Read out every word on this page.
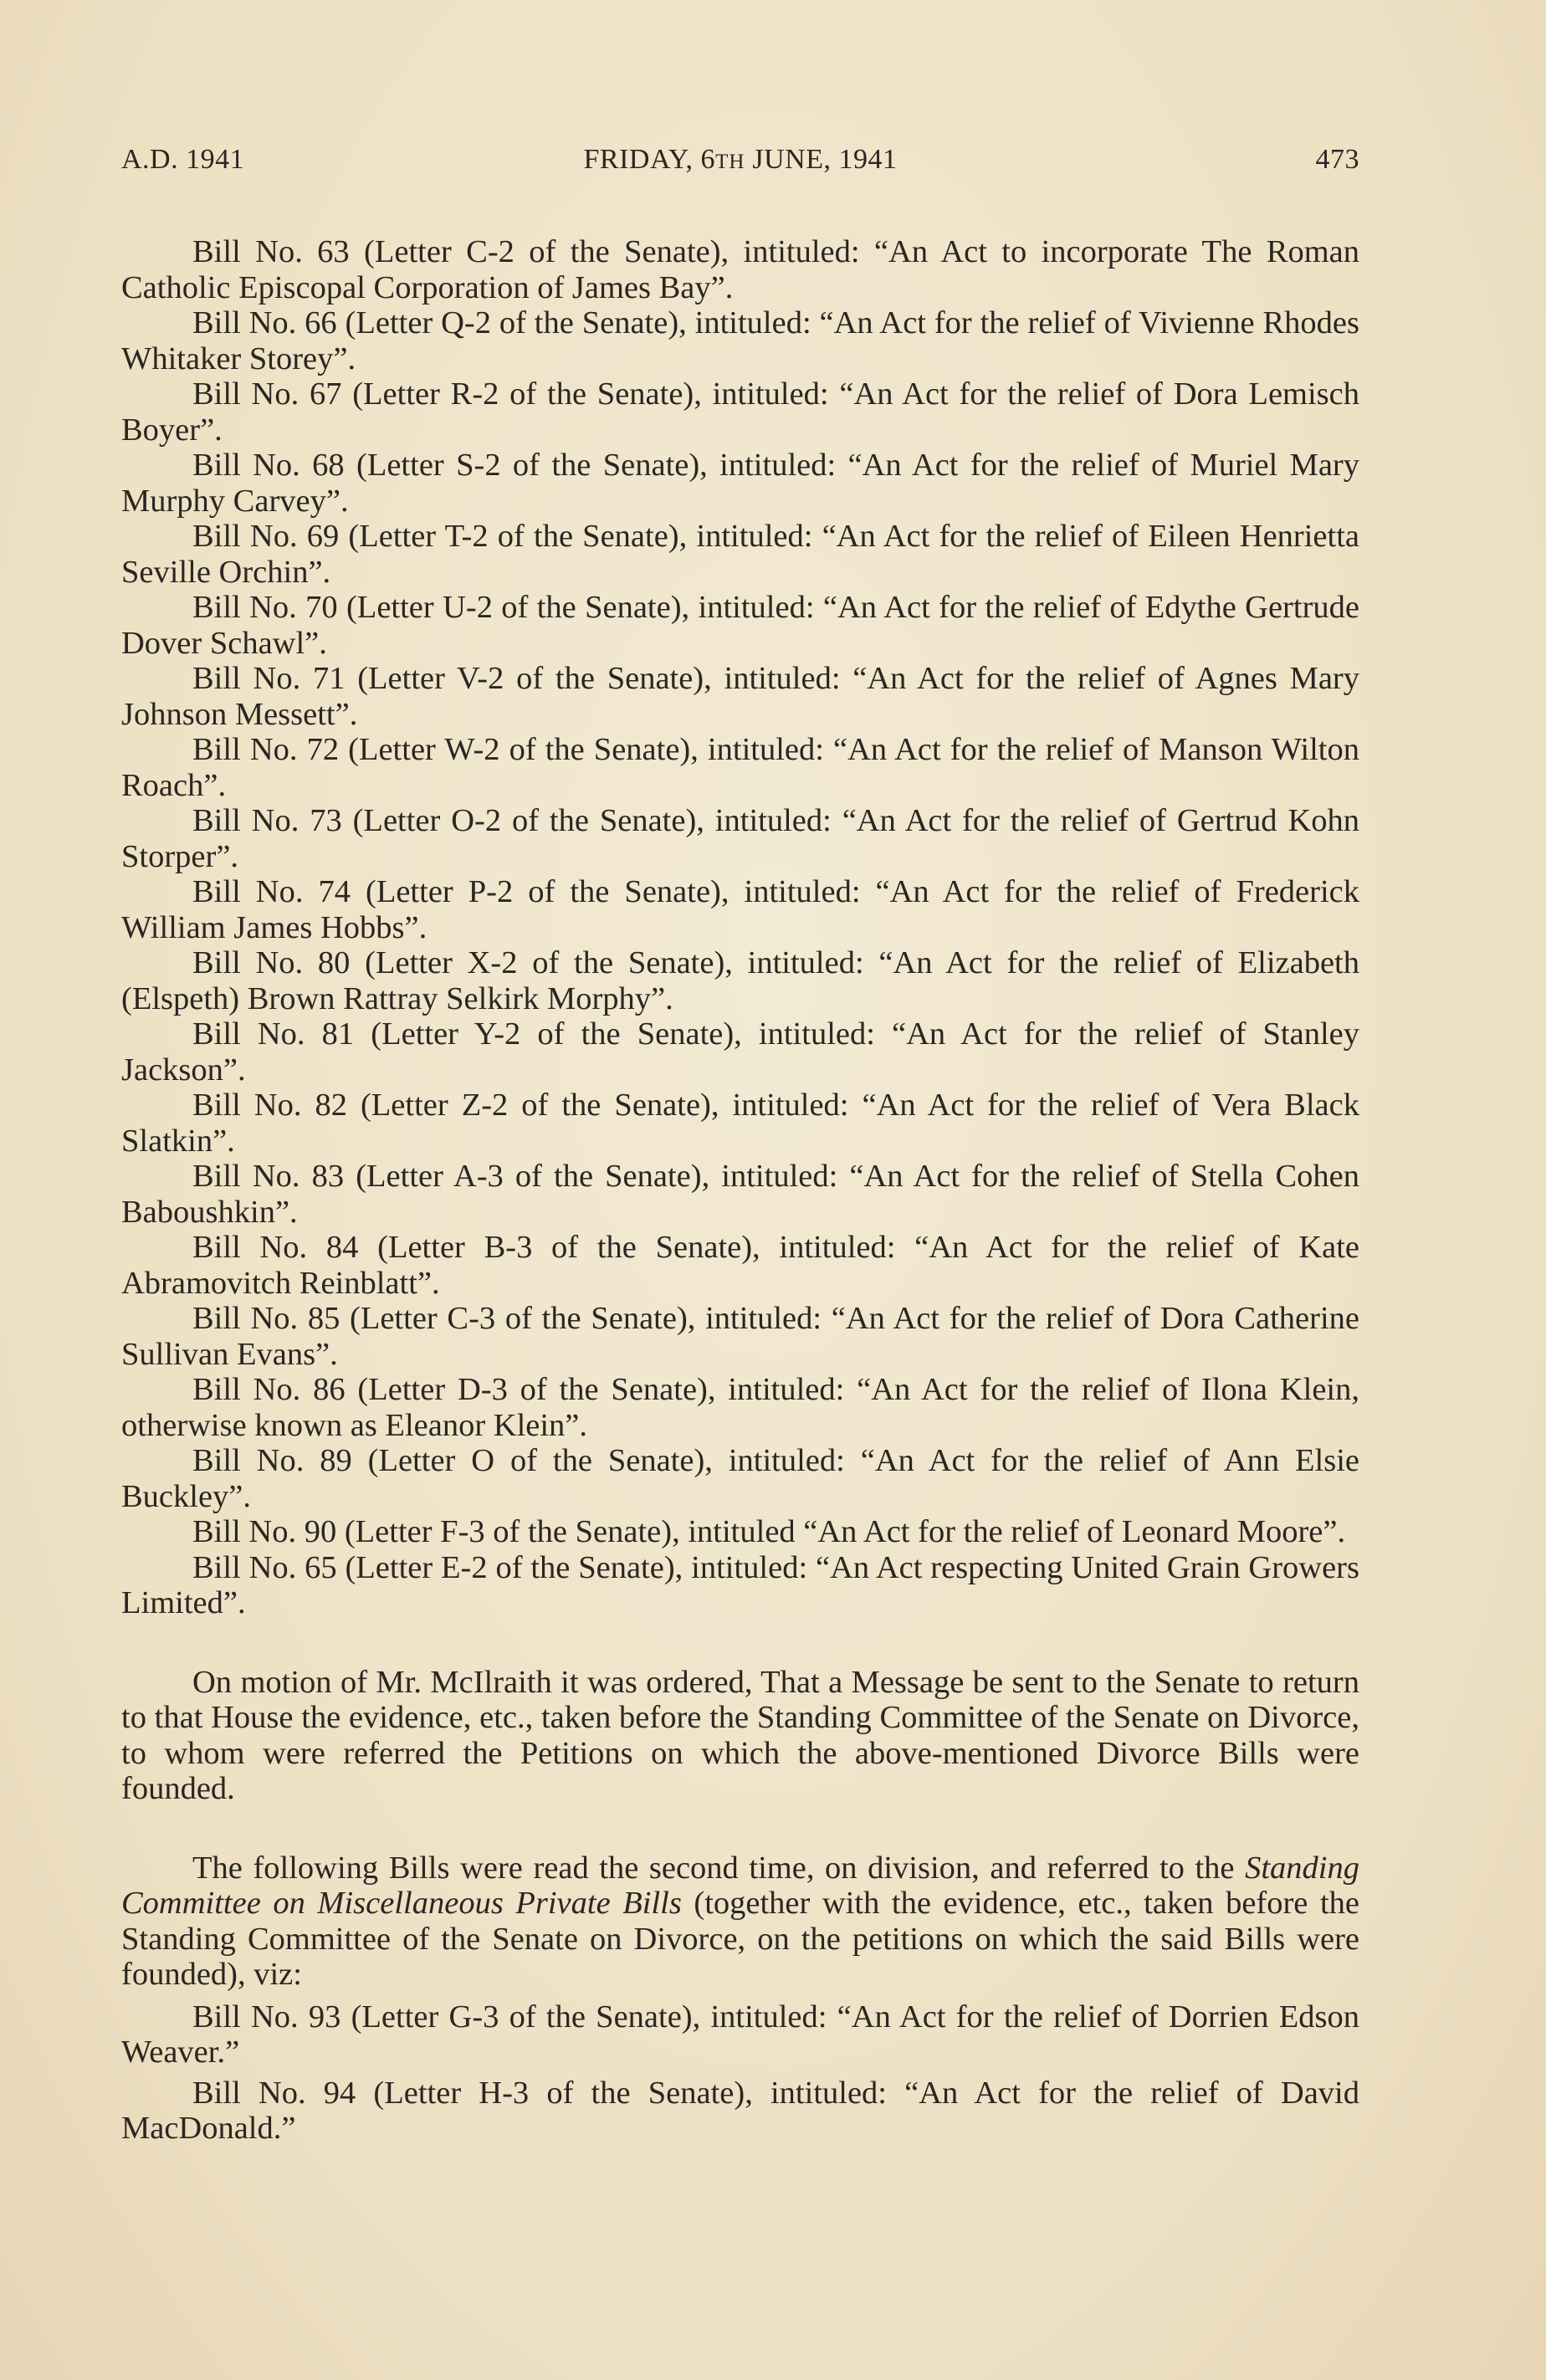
A.D. 1941	FRIDAY, 6TH JUNE, 1941	473

Bill No. 63 (Letter C-2 of the Senate), intituled: “An Act to incorporate The Roman Catholic Episcopal Corporation of James Bay”.

Bill No. 66 (Letter Q-2 of the Senate), intituled: “An Act for the relief of Vivienne Rhodes Whitaker Storey”.

Bill No. 67 (Letter R-2 of the Senate), intituled: “An Act for the relief of Dora Lemisch Boyer”.

Bill No. 68 (Letter S-2 of the Senate), intituled: “An Act for the relief of Muriel Mary Murphy Carvey”.

Bill No. 69 (Letter T-2 of the Senate), intituled: “An Act for the relief of Eileen Henrietta Seville Orchin”.

Bill No. 70 (Letter U-2 of the Senate), intituled: “An Act for the relief of Edythe Gertrude Dover Schawl”.

Bill No. 71 (Letter V-2 of the Senate), intituled: “An Act for the relief of Agnes Mary Johnson Messett”.

Bill No. 72 (Letter W-2 of the Senate), intituled: “An Act for the relief of Manson Wilton Roach”.

Bill No. 73 (Letter O-2 of the Senate), intituled: “An Act for the relief of Gertrud Kohn Storper”.

Bill No. 74 (Letter P-2 of the Senate), intituled: “An Act for the relief of Frederick William James Hobbs”.

Bill No. 80 (Letter X-2 of the Senate), intituled: “An Act for the relief of Elizabeth (Elspeth) Brown Rattray Selkirk Morphy”.

Bill No. 81 (Letter Y-2 of the Senate), intituled: “An Act for the relief of Stanley Jackson”.

Bill No. 82 (Letter Z-2 of the Senate), intituled: “An Act for the relief of Vera Black Slatkin”.

Bill No. 83 (Letter A-3 of the Senate), intituled: “An Act for the relief of Stella Cohen Baboushkin”.

Bill No. 84 (Letter B-3 of the Senate), intituled: “An Act for the relief of Kate Abramovitch Reinblatt”.

Bill No. 85 (Letter C-3 of the Senate), intituled: “An Act for the relief of Dora Catherine Sullivan Evans”.

Bill No. 86 (Letter D-3 of the Senate), intituled: “An Act for the relief of Ilona Klein, otherwise known as Eleanor Klein”.

Bill No. 89 (Letter O of the Senate), intituled: “An Act for the relief of Ann Elsie Buckley”.

Bill No. 90 (Letter F-3 of the Senate), intituled “An Act for the relief of Leonard Moore”.

Bill No. 65 (Letter E-2 of the Senate), intituled: “An Act respecting United Grain Growers Limited”.

On motion of Mr. McIlraith it was ordered, That a Message be sent to the Senate to return to that House the evidence, etc., taken before the Standing Committee of the Senate on Divorce, to whom were referred the Petitions on which the above-mentioned Divorce Bills were founded.

The following Bills were read the second time, on division, and referred to the Standing Committee on Miscellaneous Private Bills (together with the evidence, etc., taken before the Standing Committee of the Senate on Divorce, on the petitions on which the said Bills were founded), viz:

Bill No. 93 (Letter G-3 of the Senate), intituled: “An Act for the relief of Dorrien Edson Weaver.”

Bill No. 94 (Letter H-3 of the Senate), intituled: “An Act for the relief of David MacDonald.”
